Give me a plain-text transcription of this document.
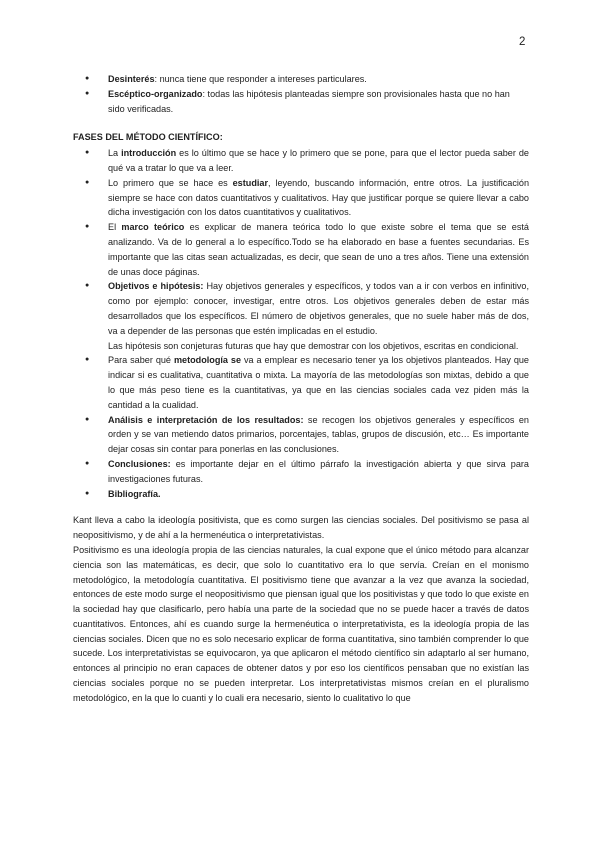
2

● Desinterés: nunca tiene que responder a intereses particulares.

● Escéptico-organizado: todas las hipótesis planteadas siempre son provisionales hasta que no han sido verificadas.

FASES DEL MÉTODO CIENTÍFICO:

● La introducción es lo último que se hace y lo primero que se pone, para que el lector pueda saber de qué va a tratar lo que va a leer.

● Lo primero que se hace es estudiar, leyendo, buscando información, entre otros. La justificación siempre se hace con datos cuantitativos y cualitativos. Hay que justificar porque se quiere llevar a cabo dicha investigación con los datos cuantitativos y cualitativos.

● El marco teórico es explicar de manera teórica todo lo que existe sobre el tema que se está analizando. Va de lo general a lo específico.Todo se ha elaborado en base a fuentes secundarias. Es importante que las citas sean actualizadas, es decir, que sean de uno a tres años. Tiene una extensión de unas doce páginas.

● Objetivos e hipótesis: Hay objetivos generales y específicos, y todos van a ir con verbos en infinitivo, como por ejemplo: conocer, investigar, entre otros. Los objetivos generales deben de estar más desarrollados que los específicos. El número de objetivos generales, que no suele haber más de dos, va a depender de las personas que estén implicadas en el estudio.
Las hipótesis son conjeturas futuras que hay que demostrar con los objetivos, escritas en condicional.

● Para saber qué metodología se va a emplear es necesario tener ya los objetivos planteados. Hay que indicar si es cualitativa, cuantitativa o mixta. La mayoría de las metodologías son mixtas, debido a que lo que más peso tiene es la cuantitativas, ya que en las ciencias sociales cada vez piden más la cantidad a la cualidad.

● Análisis e interpretación de los resultados: se recogen los objetivos generales y específicos en orden y se van metiendo datos primarios, porcentajes, tablas, grupos de discusión, etc… Es importante dejar cosas sin contar para ponerlas en las conclusiones.

● Conclusiones: es importante dejar en el último párrafo la investigación abierta y que sirva para investigaciones futuras.

● Bibliografía.

Kant lleva a cabo la ideología positivista, que es como surgen las ciencias sociales. Del positivismo se pasa al neopositivismo, y de ahí a la hermenéutica o interpretativistas.

Positivismo es una ideología propia de las ciencias naturales, la cual expone que el único método para alcanzar ciencia son las matemáticas, es decir, que solo lo cuantitativo era lo que servía. Creían en el monismo metodológico, la metodología cuantitativa. El positivismo tiene que avanzar a la vez que avanza la sociedad, entonces de este modo surge el neopositivismo que piensan igual que los positivistas y que todo lo que existe en la sociedad hay que clasificarlo, pero había una parte de la sociedad que no se puede hacer a través de datos cuantitativos. Entonces, ahí es cuando surge la hermenéutica o interpretativista, es la ideología propia de las ciencias sociales. Dicen que no es solo necesario explicar de forma cuantitativa, sino también comprender lo que sucede. Los interpretativistas se equivocaron, ya que aplicaron el método científico sin adaptarlo al ser humano, entonces al principio no eran capaces de obtener datos y por eso los científicos pensaban que no existían las ciencias sociales porque no se pueden interpretar. Los interpretativistas mismos creían en el pluralismo metodológico, en la que lo cuanti y lo cuali era necesario, siento lo cualitativo lo que
